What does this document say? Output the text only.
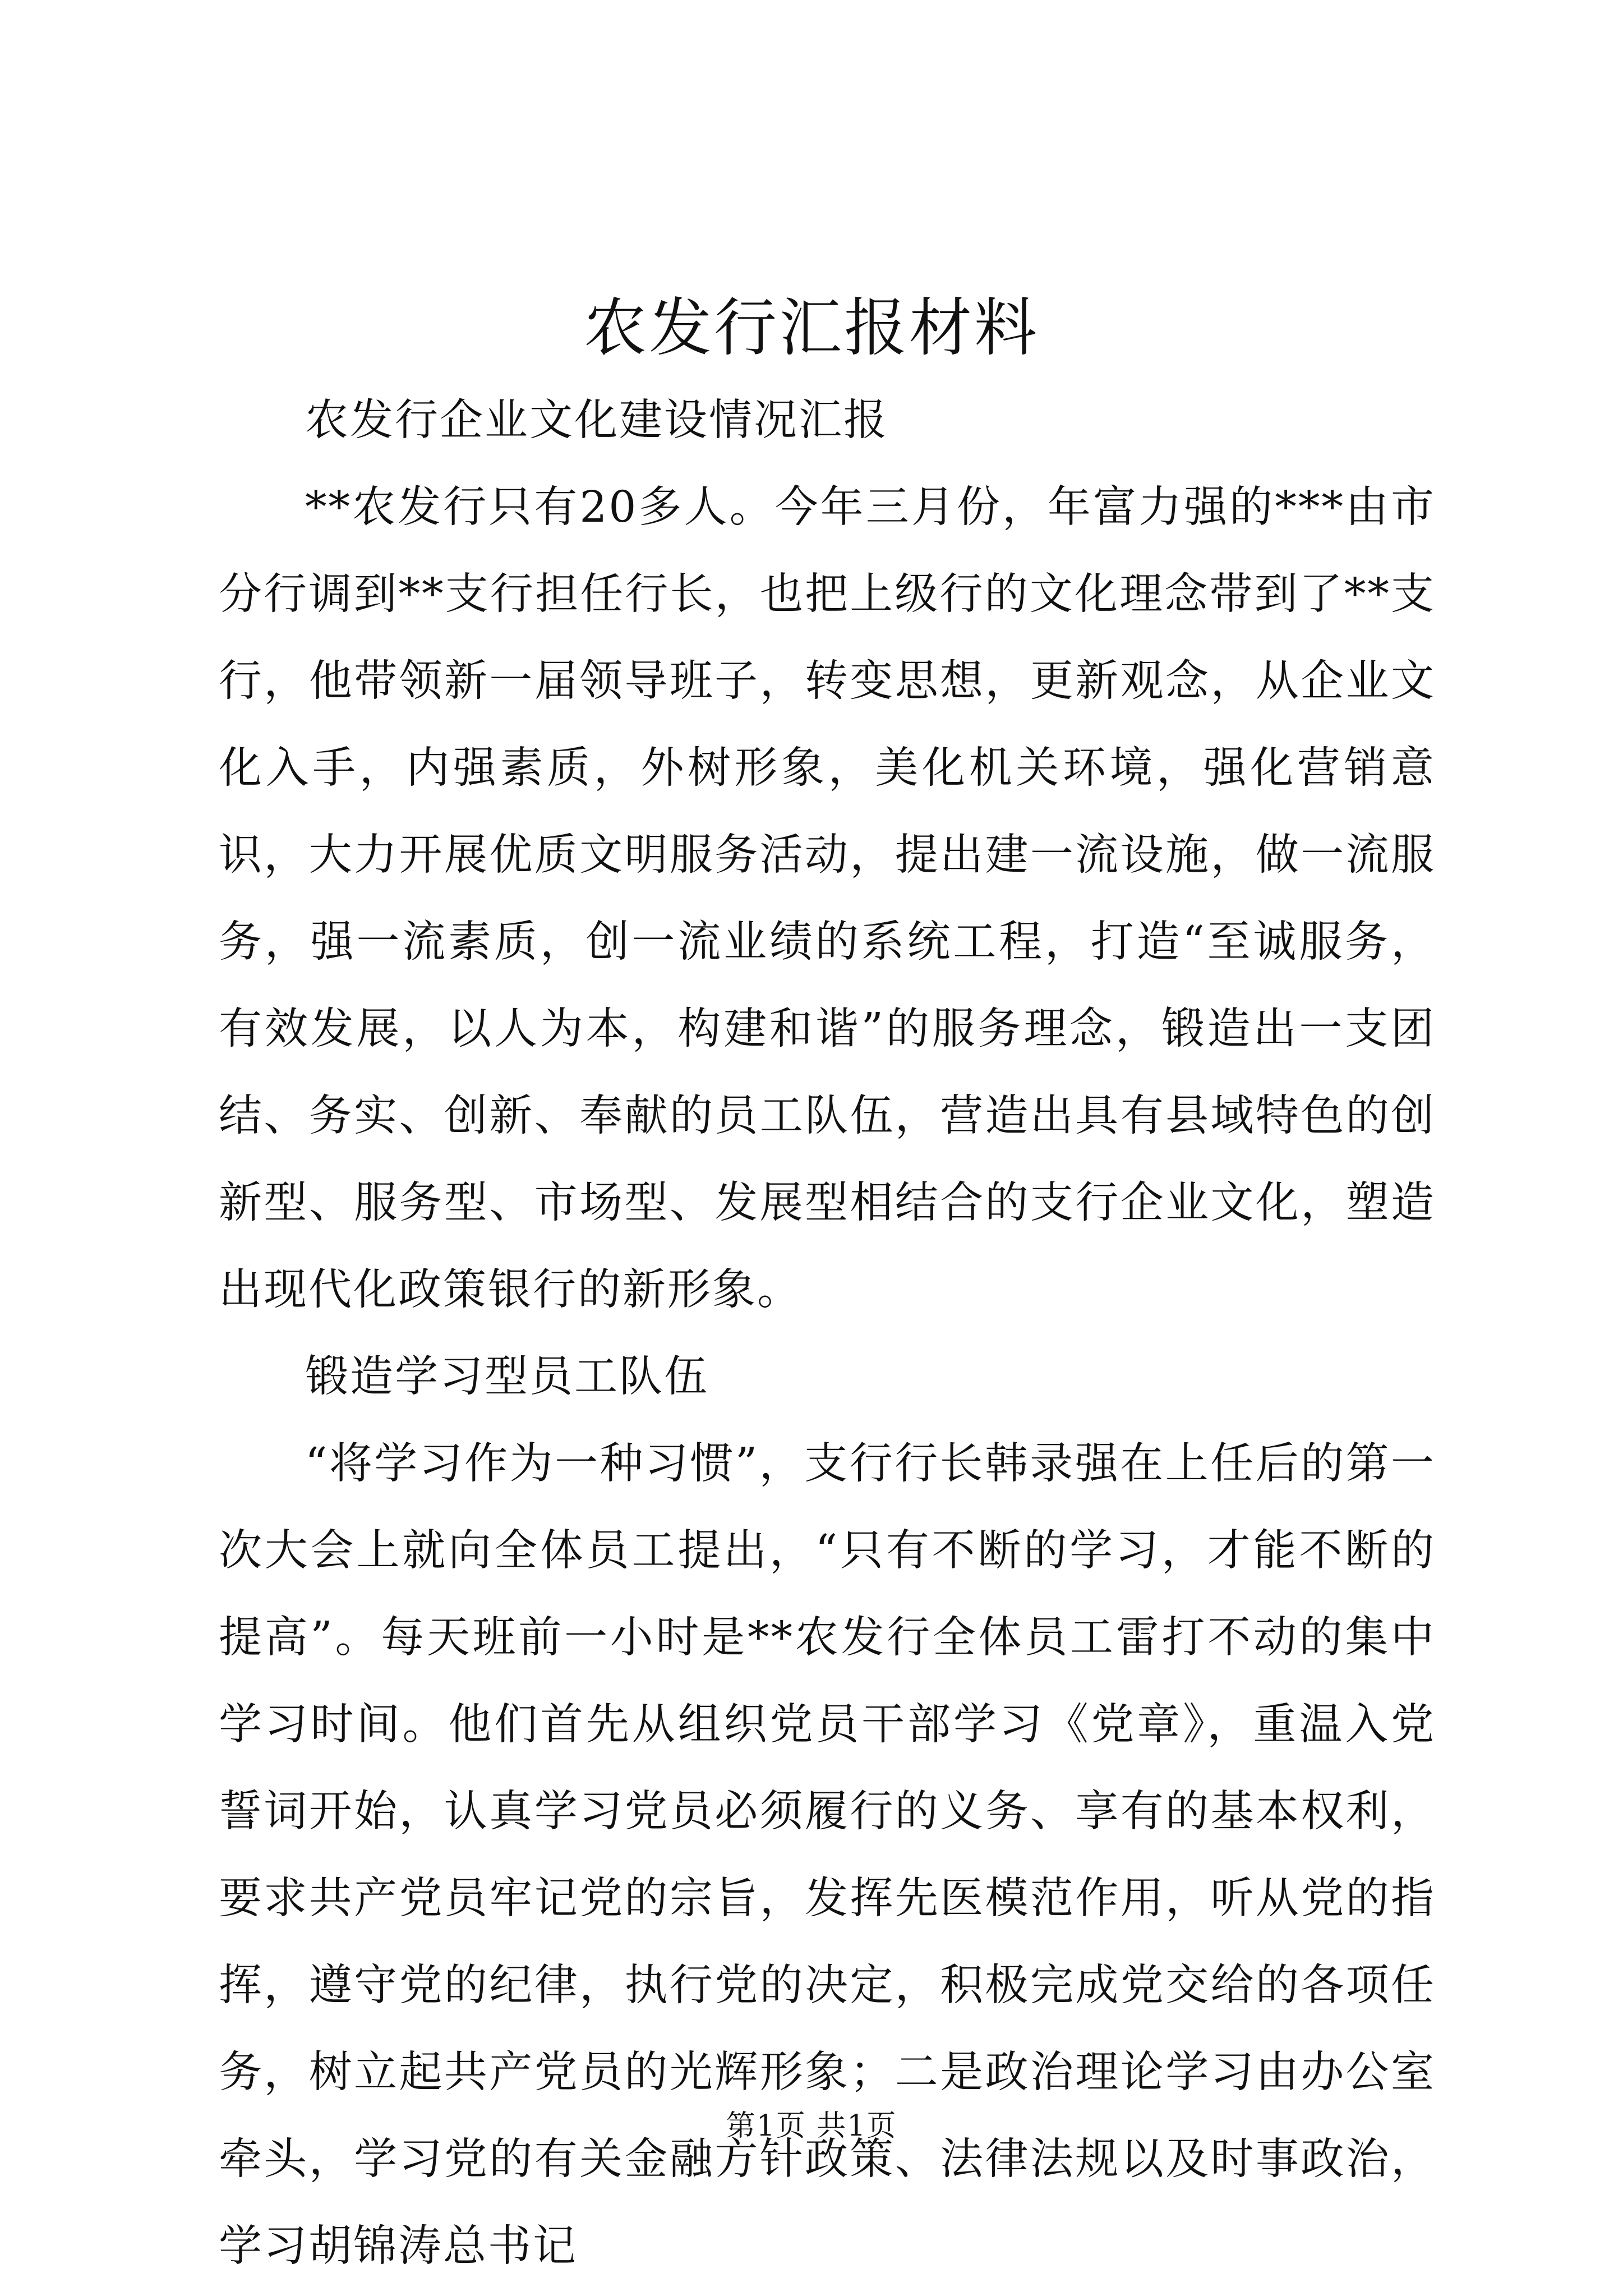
农发行汇报材料

农发行企业文化建设情况汇报

**农发行只有20多人。今年三月份，年富力强的***由市分行调到**支行担任行长，也把上级行的文化理念带到了**支行，他带领新一届领导班子，转变思想，更新观念，从企业文化入手，内强素质，外树形象，美化机关环境，强化营销意识，大力开展优质文明服务活动，提出建一流设施，做一流服务，强一流素质，创一流业绩的系统工程，打造“至诚服务，有效发展，以人为本，构建和谐”的服务理念，锻造出一支团结、务实、创新、奉献的员工队伍，营造出具有县域特色的创新型、服务型、市场型、发展型相结合的支行企业文化，塑造出现代化政策银行的新形象。

锻造学习型员工队伍

“将学习作为一种习惯”，支行行长韩录强在上任后的第一次大会上就向全体员工提出，“只有不断的学习，才能不断的提高”。每天班前一小时是**农发行全体员工雷打不动的集中学习时间。他们首先从组织党员干部学习《党章》，重温入党誓词开始，认真学习党员必须履行的义务、享有的基本权利，要求共产党员牢记党的宗旨，发挥先医模范作用，听从党的指挥，遵守党的纪律，执行党的决定，积极完成党交给的各项任务，树立起共产党员的光辉形象；二是政治理论学习由办公室牵头，学习党的有关金融方针政策、法律法规以及时事政治，学习胡锦涛总书记

第1页 共1页
